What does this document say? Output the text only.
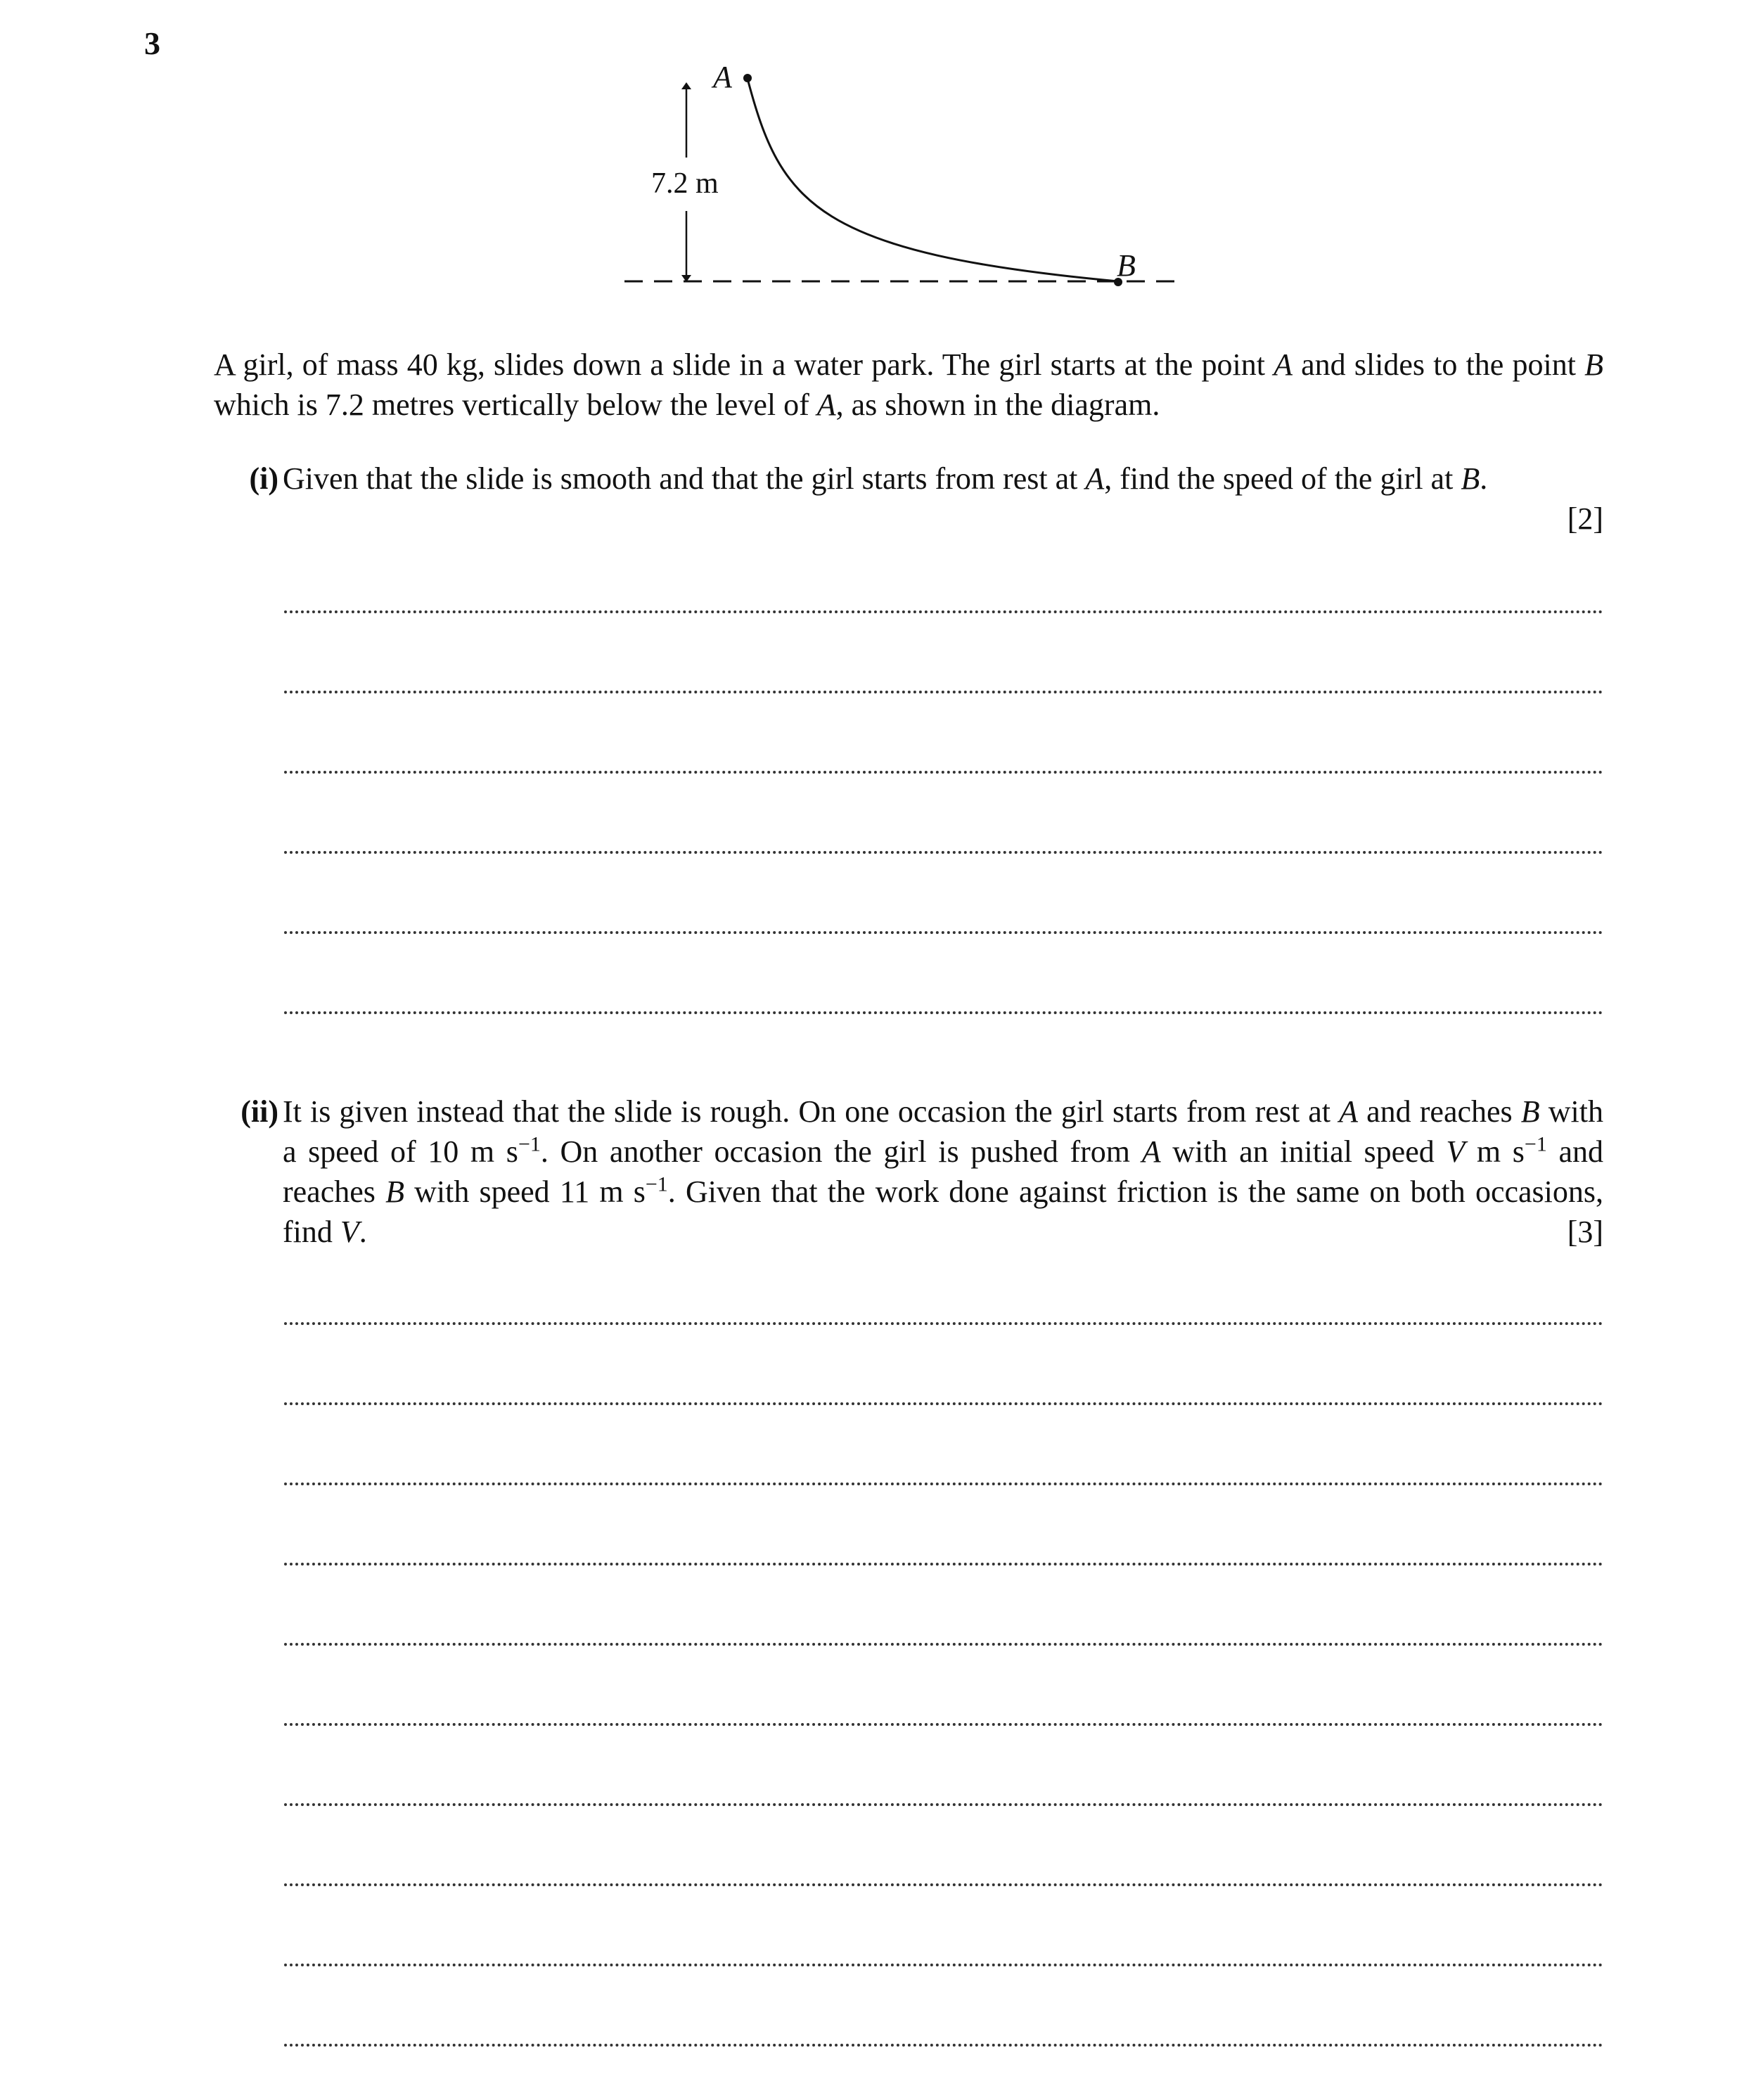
3
A
B
7.2 m

A girl, of mass 40 kg, slides down a slide in a water park. The girl starts at the point A and slides to the point B which is 7.2 metres vertically below the level of A, as shown in the diagram.

(i) Given that the slide is smooth and that the girl starts from rest at A, find the speed of the girl at B.
[2]
(ii) It is given instead that the slide is rough. On one occasion the girl starts from rest at A and reaches B with a speed of 10 m $s^{-1}$. On another occasion the girl is pushed from A with an initial speed V m $s^{-1}$ and reaches B with speed 11 m $s^{-1}$. Given that the work done against friction is the same on both occasions, find V.	[3]
